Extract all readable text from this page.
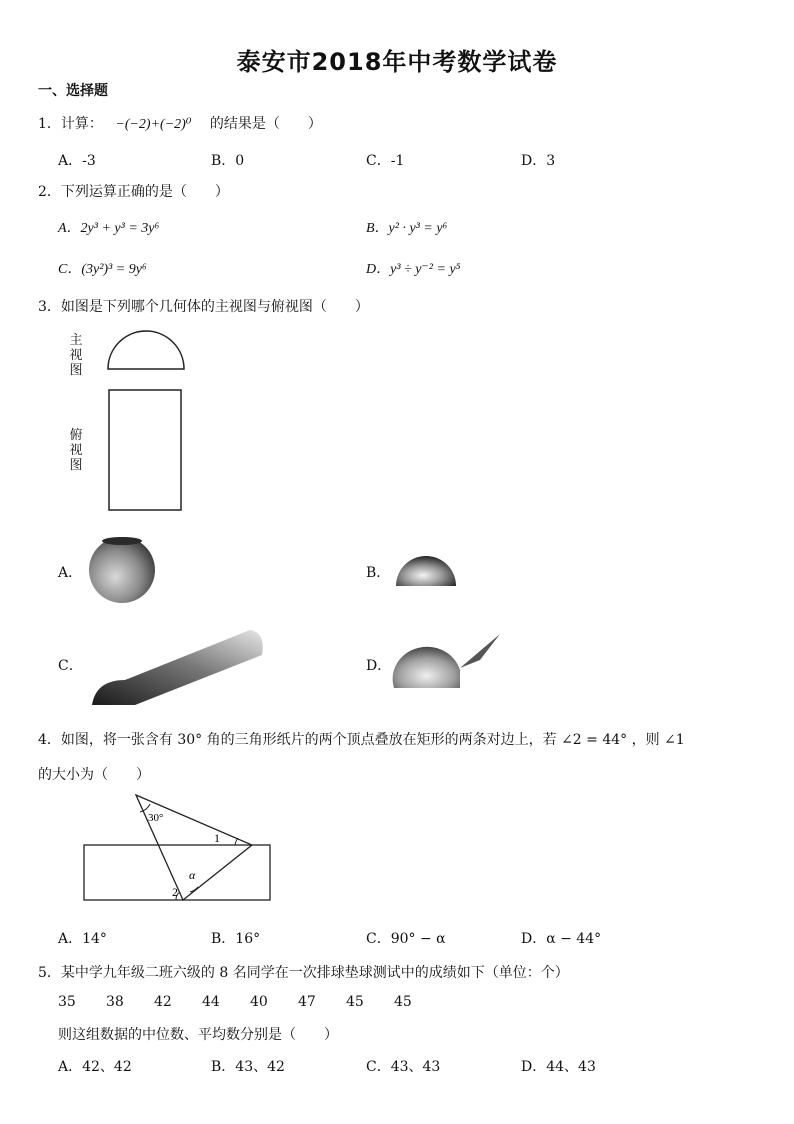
泰安市2018年中考数学试卷
一、选择题
1．计算： −(−2)+(−2)⁰ 的结果是（　　）
A．-3	B．0	C．-1	D．3
2．下列运算正确的是（　　）
A．2y³ + y³ = 3y⁶	B．y² · y³ = y⁶
C．(3y²)³ = 9y⁶	D．y³ ÷ y⁻² = y⁵
3．如图是下列哪个几何体的主视图与俯视图（　　）
主视图
俯视图
A．	B．
C．	D．
4．如图，将一张含有 30° 角的三角形纸片的两个顶点叠放在矩形的两条对边上，若 ∠2 = 44° ，则 ∠1
的大小为（　　）
30°
1
2
α
A．14°	B．16°	C．90° − α	D．α − 44°
5．某中学九年级二班六级的 8 名同学在一次排球垫球测试中的成绩如下（单位：个）
35 38 42 44 40 47 45 45
则这组数据的中位数、平均数分别是（　　）
A．42、42	B．43、42	C．43、43	D．44、43
